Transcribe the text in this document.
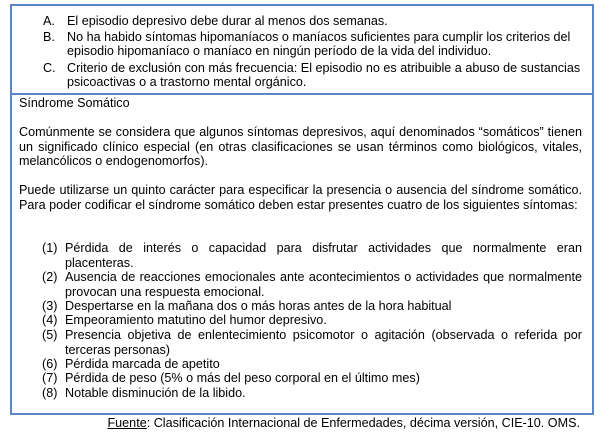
A. El episodio depresivo debe durar al menos dos semanas.
B. No ha habido síntomas hipomaníacos o maníacos suficientes para cumplir los criterios del episodio hipomaníaco o maníaco en ningún período de la vida del individuo.
C. Criterio de exclusión con más frecuencia: El episodio no es atribuible a abuso de sustancias psicoactivas o a trastorno mental orgánico.
Síndrome Somático
Comúnmente se considera que algunos síntomas depresivos, aquí denominados “somáticos” tienen un significado clínico especial (en otras clasificaciones se usan términos como biológicos, vitales, melancólicos o endogenomorfos).
Puede utilizarse un quinto carácter para especificar la presencia o ausencia del síndrome somático. Para poder codificar el síndrome somático deben estar presentes cuatro de los siguientes síntomas:
(1) Pérdida de interés o capacidad para disfrutar actividades que normalmente eran placenteras.
(2) Ausencia de reacciones emocionales ante acontecimientos o actividades que normalmente provocan una respuesta emocional.
(3) Despertarse en la mañana dos o más horas antes de la hora habitual
(4) Empeoramiento matutino del humor depresivo.
(5) Presencia objetiva de enlentecimiento psicomotor o agitación (observada o referida por terceras personas)
(6) Pérdida marcada de apetito
(7) Pérdida de peso (5% o más del peso corporal en el último mes)
(8) Notable disminución de la libido.
Fuente: Clasificación Internacional de Enfermedades, décima versión, CIE-10. OMS.
